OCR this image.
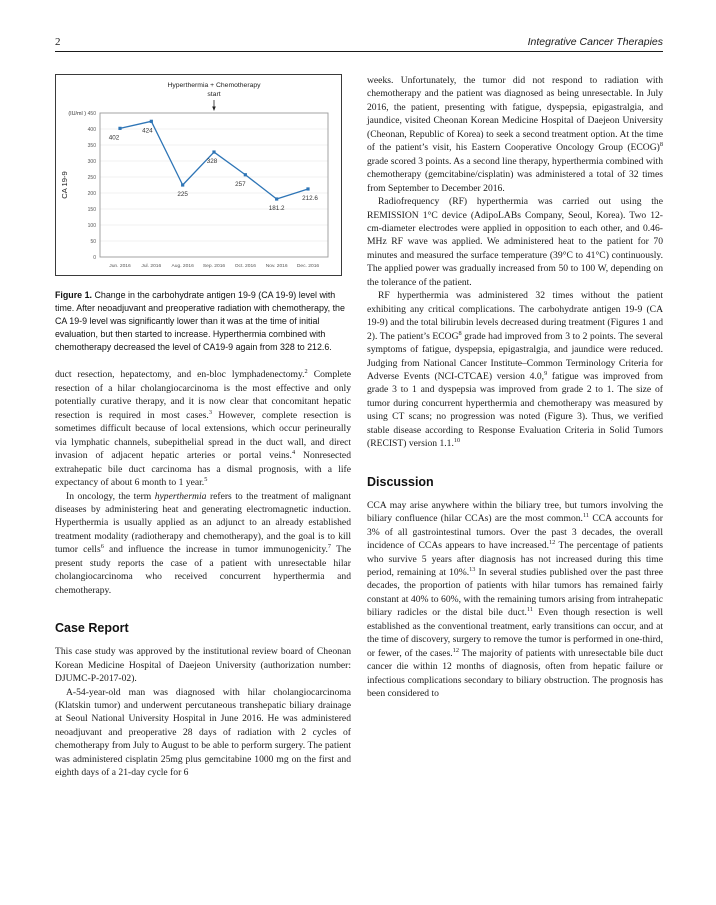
2	Integrative Cancer Therapies
0
50
100
150
200
250
300
350
400
450
(IU/ml )
CA 19-9
Jun. 2016 Jul. 2016 Aug. 2016 Sep. 2016 Oct. 2016 Nov. 2016 Dec. 2016
402
424
225
328
257
181.2
212.6
Hyperthermia + Chemotherapy
start
Figure 1. Change in the carbohydrate antigen 19-9 (CA 19-9) level with time. After neoadjuvant and preoperative radiation with chemotherapy, the CA 19-9 level was significantly lower than it was at the time of initial evaluation, but then started to increase. Hyperthermia combined with chemotherapy decreased the level of CA19-9 again from 328 to 212.6.

duct resection, hepatectomy, and en-bloc lymphadenectomy.$^2$ Complete resection of a hilar cholangiocarcinoma is the most effective and only potentially curative therapy, and it is now clear that concomitant hepatic resection is required in most cases.$^3$ However, complete resection is sometimes difficult because of local extensions, which occur perineurally via lymphatic channels, subepithelial spread in the duct wall, and direct invasion of adjacent hepatic arteries or portal veins.$^4$ Nonresected extrahepatic bile duct carcinoma has a dismal prognosis, with a life expectancy of about 6 month to 1 year.$^5$

In oncology, the term hyperthermia refers to the treatment of malignant diseases by administering heat and generating electromagnetic induction. Hyperthermia is usually applied as an adjunct to an already established treatment modality (radiotherapy and chemotherapy), and the goal is to kill tumor cells$^6$ and influence the increase in tumor immunogenicity.$^7$ The present study reports the case of a patient with unresectable hilar cholangiocarcinoma who received concurrent hyperthermia and chemotherapy.

Case Report

This case study was approved by the institutional review board of Cheonan Korean Medicine Hospital of Daejeon University (authorization number: DJUMC-P-2017-02).

A-54-year-old man was diagnosed with hilar cholangiocarcinoma (Klatskin tumor) and underwent percutaneous transhepatic biliary drainage at Seoul National University Hospital in June 2016. He was administered neoadjuvant and preoperative 28 days of radiation with 2 cycles of chemotherapy from July to August to be able to perform surgery. The patient was administered cisplatin 25mg plus gemcitabine 1000 mg on the first and eighth days of a 21-day cycle for 6

weeks. Unfortunately, the tumor did not respond to radiation with chemotherapy and the patient was diagnosed as being unresectable. In July 2016, the patient, presenting with fatigue, dyspepsia, epigastralgia, and jaundice, visited Cheonan Korean Medicine Hospital of Daejeon University (Cheonan, Republic of Korea) to seek a second treatment option. At the time of the patient’s visit, his Eastern Cooperative Oncology Group (ECOG)$^8$ grade scored 3 points. As a second line therapy, hyperthermia combined with chemotherapy (gemcitabine/cisplatin) was administered a total of 32 times from September to December 2016.

Radiofrequency (RF) hyperthermia was carried out using the REMISSION 1°C device (AdipoLABs Company, Seoul, Korea). Two 12-cm-diameter electrodes were applied in opposition to each other, and 0.46-MHz RF wave was applied. We administered heat to the patient for 70 minutes and measured the surface temperature (39°C to 41°C) continuously. The applied power was gradually increased from 50 to 100 W, depending on the tolerance of the patient.

RF hyperthermia was administered 32 times without the patient exhibiting any critical complications. The carbohydrate antigen 19-9 (CA 19-9) and the total bilirubin levels decreased during treatment (Figures 1 and 2). The patient’s ECOG$^8$ grade had improved from 3 to 2 points. The several symptoms of fatigue, dyspepsia, epigastralgia, and jaundice were reduced. Judging from National Cancer Institute–Common Terminology Criteria for Adverse Events (NCI-CTCAE) version 4.0,$^9$ fatigue was improved from grade 3 to 1 and dyspepsia was improved from grade 2 to 1. The size of tumor during concurrent hyperthermia and chemotherapy was measured by using CT scans; no progression was noted (Figure 3). Thus, we verified stable disease according to Response Evaluation Criteria in Solid Tumors (RECIST) version 1.1.10

Discussion

CCA may arise anywhere within the biliary tree, but tumors involving the biliary confluence (hilar CCAs) are the most common.$^{11}$ CCA accounts for 3% of all gastrointestinal tumors. Over the past 3 decades, the overall incidence of CCAs appears to have increased.$^{12}$ The percentage of patients who survive 5 years after diagnosis has not increased during this time period, remaining at 10%.$^{13}$ In several studies published over the past three decades, the proportion of patients with hilar tumors has remained fairly constant at 40% to 60%, with the remaining tumors arising from intrahepatic biliary radicles or the distal bile duct.$^{11}$ Even though resection is well established as the conventional treatment, early transitions can occur, and at the time of discovery, surgery to remove the tumor is performed in one-third, or fewer, of the cases.$^{12}$ The majority of patients with unresectable bile duct cancer die within 12 months of diagnosis, often from hepatic failure or infectious complications secondary to biliary obstruction. The prognosis has been considered to
